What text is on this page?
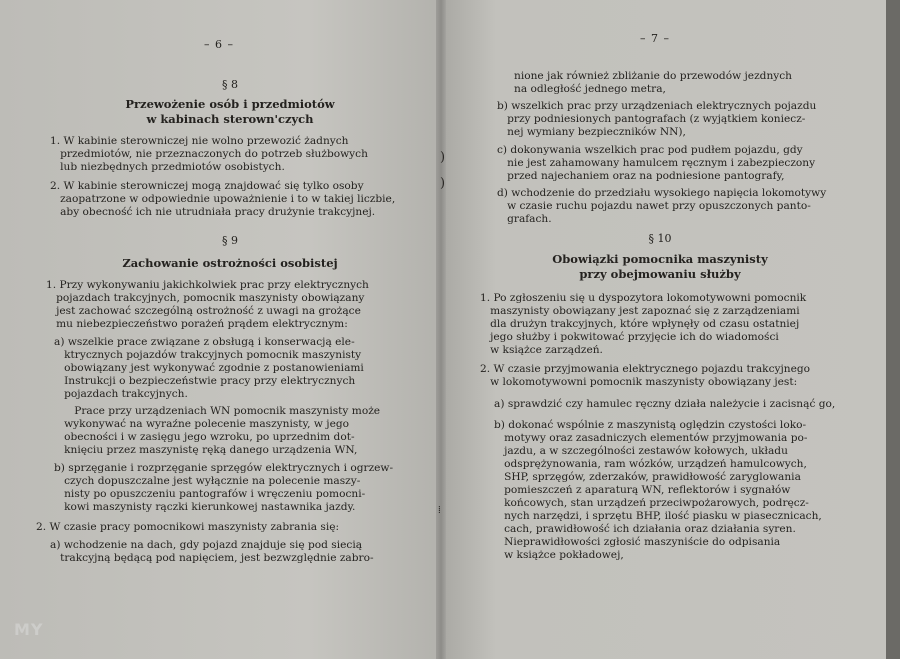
– 6 –
§ 8
Przewożenie osób i przedmiotów
w kabinach sterown'czych
1. W kabinie sterowniczej nie wolno przewozić żadnych
przedmiotów, nie przeznaczonych do potrzeb służbowych
lub niezbędnych przedmiotów osobistych.
2. W kabinie sterowniczej mogą znajdować się tylko osoby
zaopatrzone w odpowiednie upoważnienie i to w takiej liczbie,
aby obecność ich nie utrudniała pracy drużynie trakcyjnej.
§ 9
Zachowanie ostrożności osobistej
1. Przy wykonywaniu jakichkolwiek prac przy elektrycznych
pojazdach trakcyjnych, pomocnik maszynisty obowiązany
jest zachować szczególną ostrożność z uwagi na grożące
mu niebezpieczeństwo porażeń prądem elektrycznym:
a) wszelkie prace związane z obsługą i konserwacją ele-
ktrycznych pojazdów trakcyjnych pomocnik maszynisty
obowiązany jest wykonywać zgodnie z postanowieniami
Instrukcji o bezpieczeństwie pracy przy elektrycznych
pojazdach trakcyjnych.
Prace przy urządzeniach WN pomocnik maszynisty może
wykonywać na wyraźne polecenie maszynisty, w jego
obecności i w zasięgu jego wzroku, po uprzednim dot-
knięciu przez maszynistę ręką danego urządzenia WN,
b) sprzęganie i rozprzęganie sprzęgów elektrycznych i ogrzew-
czych dopuszczalne jest wyłącznie na polecenie maszy-
nisty po opuszczeniu pantografów i wręczeniu pomocni-
kowi maszynisty rączki kierunkowej nastawnika jazdy.
2. W czasie pracy pomocnikowi maszynisty zabrania się:
a) wchodzenie na dach, gdy pojazd znajduje się pod siecią
trakcyjną będącą pod napięciem, jest bezwzględnie zabro-
– 7 –
nione jak również zbliżanie do przewodów jezdnych
na odległość jednego metra,
b) wszelkich prac przy urządzeniach elektrycznych pojazdu
przy podniesionych pantografach (z wyjątkiem koniecz-
nej wymiany bezpieczników NN),
c) dokonywania wszelkich prac pod pudłem pojazdu, gdy
nie jest zahamowany hamulcem ręcznym i zabezpieczony
przed najechaniem oraz na podniesione pantografy,
d) wchodzenie do przedziału wysokiego napięcia lokomotywy
w czasie ruchu pojazdu nawet przy opuszczonych panto-
grafach.
§ 10
Obowiązki pomocnika maszynisty
przy obejmowaniu służby
1. Po zgłoszeniu się u dyspozytora lokomotywowni pomocnik
maszynisty obowiązany jest zapoznać się z zarządzeniami
dla drużyn trakcyjnych, które wpłynęły od czasu ostatniej
jego służby i pokwitować przyjęcie ich do wiadomości
w książce zarządzeń.
2. W czasie przyjmowania elektrycznego pojazdu trakcyjnego
w lokomotywowni pomocnik maszynisty obowiązany jest:
a) sprawdzić czy hamulec ręczny działa należycie i zacisnąć go,
b) dokonać wspólnie z maszynistą oględzin czystości loko-
motywy oraz zasadniczych elementów przyjmowania po-
jazdu, a w szczególności zestawów kołowych, układu
odsprężynowania, ram wózków, urządzeń hamulcowych,
SHP, sprzęgów, zderzaków, prawidłowość zaryglowania
pomieszczeń z aparaturą WN, reflektorów i sygnałów
końcowych, stan urządzeń przeciwpożarowych, podręcz-
nych narzędzi, i sprzętu BHP, ilość piasku w piasecznicach,
cach, prawidłowość ich działania oraz działania syren.
Nieprawidłowości zgłosić maszyniście do odpisania
w książce pokładowej,
)
)
⁞
MY
